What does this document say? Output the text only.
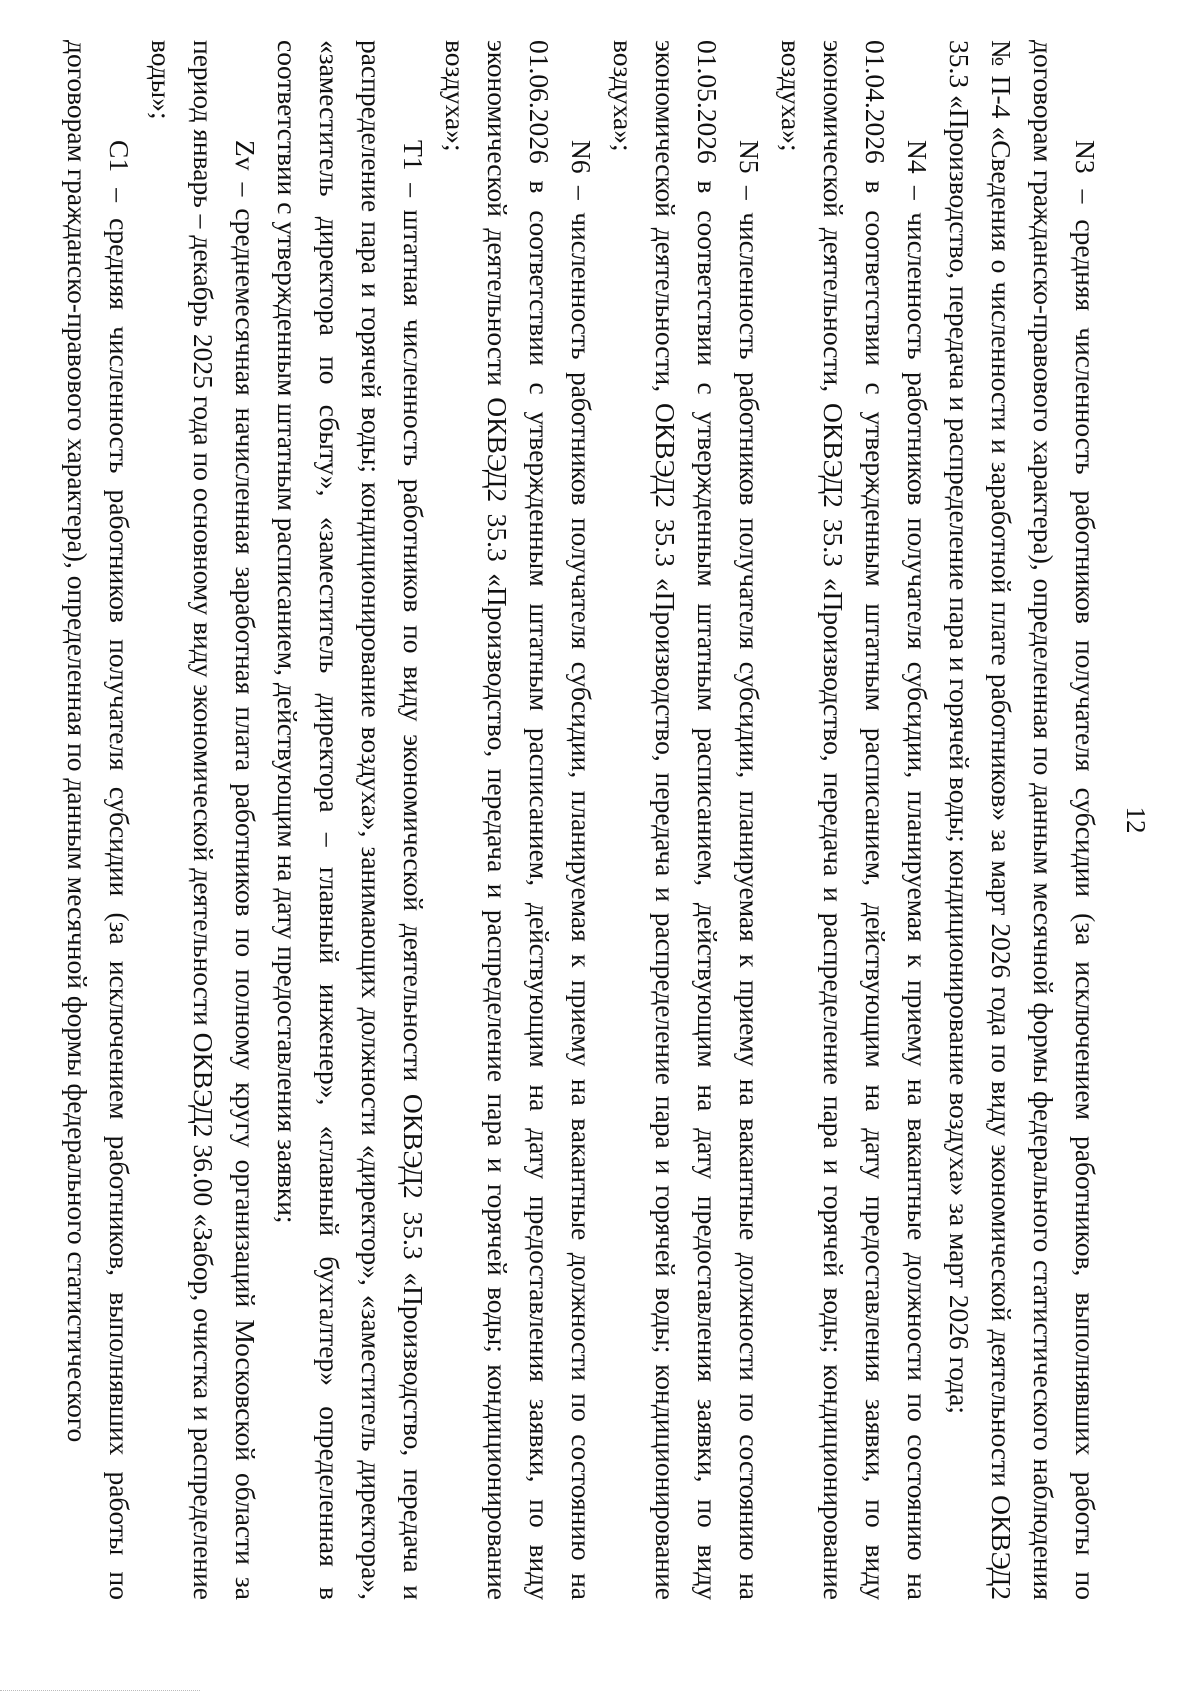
12

N3 – средняя численность работников получателя субсидии (за исключением работников, выполнявших работы по договорам гражданско-правового характера), определенная по данным месячной формы федерального статистического наблюдения № П-4 «Сведения о численности и заработной плате работников» за март 2026 года по виду экономической деятельности ОКВЭД2 35.3 «Производство, передача и распределение пара и горячей воды; кондиционирование воздуха» за март 2026 года;

N4 – численность работников получателя субсидии, планируемая к приему на вакантные должности по состоянию на 01.04.2026 в соответствии с утвержденным штатным расписанием, действующим на дату предоставления заявки, по виду экономической деятельности, ОКВЭД2 35.3 «Производство, передача и распределение пара и горячей воды; кондиционирование воздуха»;

N5 – численность работников получателя субсидии, планируемая к приему на вакантные должности по состоянию на 01.05.2026 в соответствии с утвержденным штатным расписанием, действующим на дату предоставления заявки, по виду экономической деятельности, ОКВЭД2 35.3 «Производство, передача и распределение пара и горячей воды; кондиционирование воздуха»;

N6 – численность работников получателя субсидии, планируемая к приему на вакантные должности по состоянию на 01.06.2026 в соответствии с утвержденным штатным расписанием, действующим на дату предоставления заявки, по виду экономической деятельности ОКВЭД2 35.3 «Производство, передача и распределение пара и горячей воды; кондиционирование воздуха»;

T1 – штатная численность работников по виду экономической деятельности ОКВЭД2 35.3 «Производство, передача и распределение пара и горячей воды; кондиционирование воздуха», занимающих должности «директор», «заместитель директора», «заместитель директора по сбыту», «заместитель директора – главный инженер», «главный бухгалтер» определенная в соответствии с утвержденным штатным расписанием, действующим на дату предоставления заявки;

Zv – среднемесячная начисленная заработная плата работников по полному кругу организаций Московской области за период январь – декабрь 2025 года по основному виду экономической деятельности ОКВЭД2 36.00 «Забор, очистка и распределение воды»;

C1 – средняя численность работников получателя субсидии (за исключением работников, выполнявших работы по договорам гражданско-правового характера), определенная по данным месячной формы федерального статистического
